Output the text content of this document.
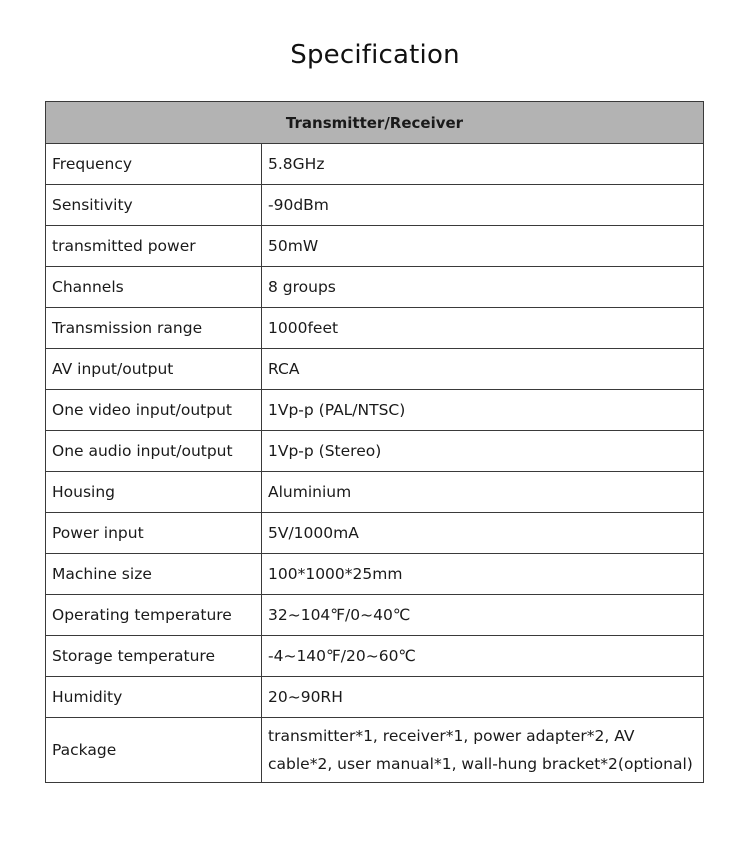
Specification
Transmitter/Receiver	
Frequency	5.8GHz
Sensitivity	-90dBm
transmitted power	50mW
Channels	8 groups
Transmission range	1000feet
AV input/output	RCA
One video input/output	1Vp-p (PAL/NTSC)
One audio input/output	1Vp-p (Stereo)
Housing	Aluminium
Power input	5V/1000mA
Machine size	100*1000*25mm
Operating temperature	32~104℉/0~40℃
Storage temperature	-4~140℉/20~60℃
Humidity	20~90RH
Package	transmitter*1, receiver*1, power adapter*2, AV cable*2, user manual*1, wall-hung bracket*2(optional)
